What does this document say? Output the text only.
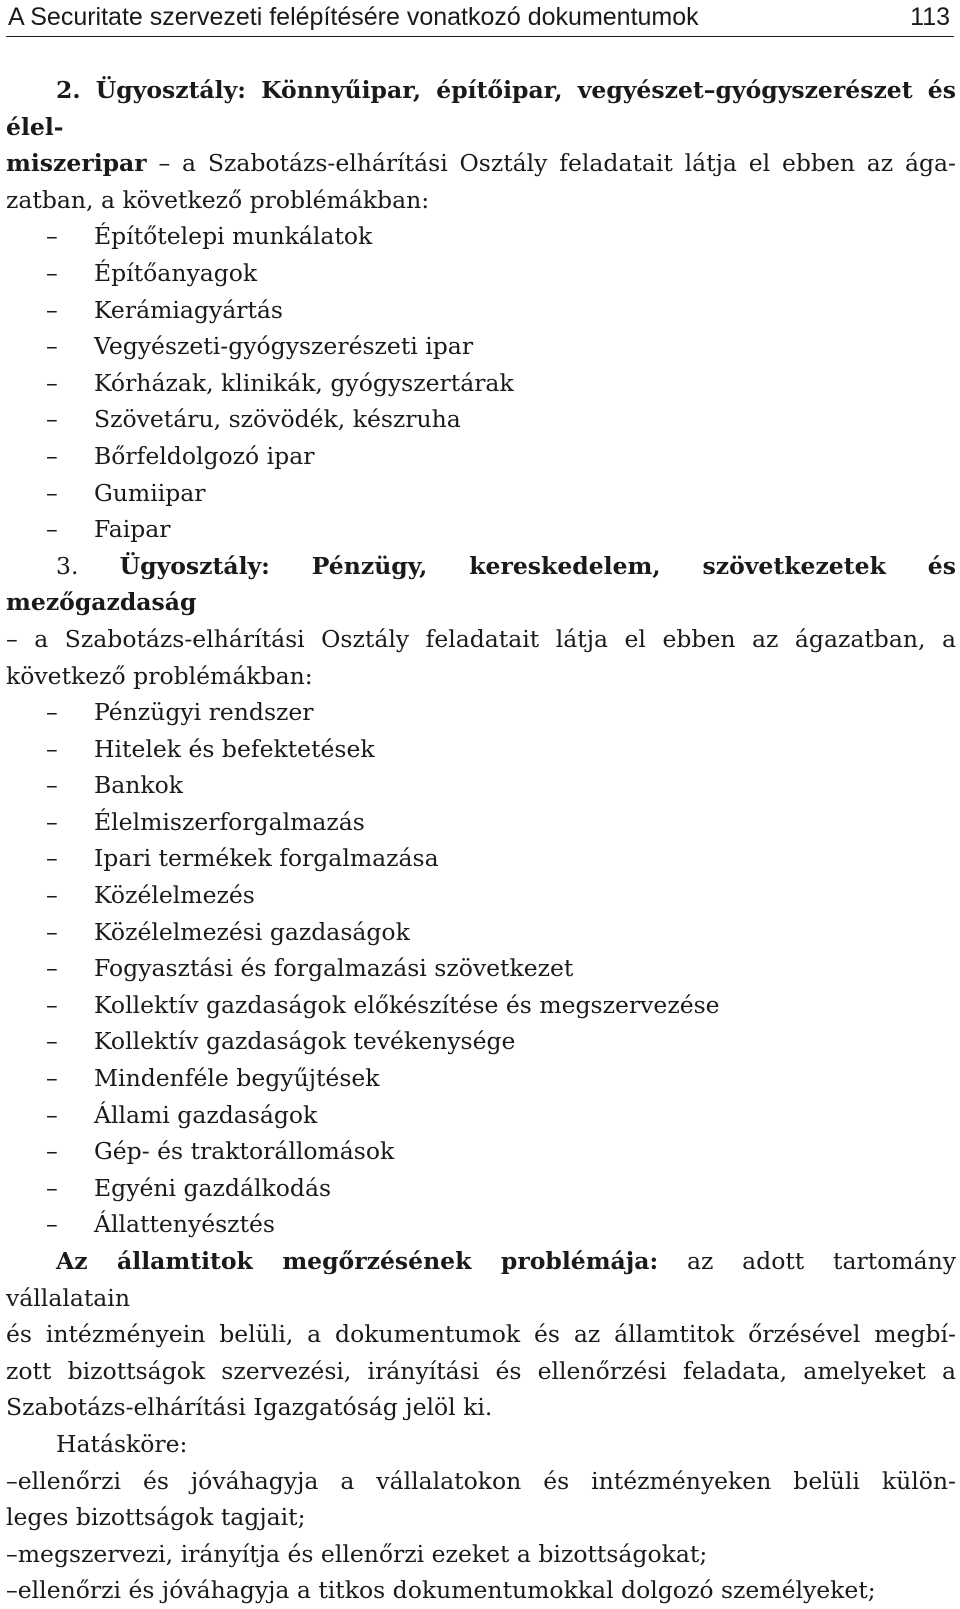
A Securitate szervezeti felépítésére vonatkozó dokumentumok	113

2. Ügyosztály: Könnyűipar, építőipar, vegyészet–gyógyszerészet és élel-

miszeripar – a Szabotázs-elhárítási Osztály feladatait látja el ebben az ága-

zatban, a következő problémákban:

– Építőtelepi munkálatok
– Építőanyagok
– Kerámiagyártás
– Vegyészeti-gyógyszerészeti ipar
– Kórházak, klinikák, gyógyszertárak
– Szövetáru, szövödék, készruha
– Bőrfeldolgozó ipar
– Gumiipar
– Faipar

3. Ügyosztály: Pénzügy, kereskedelem, szövetkezetek és mezőgazdaság

– a Szabotázs-elhárítási Osztály feladatait látja el ebben az ágazatban, a

következő problémákban:

– Pénzügyi rendszer
– Hitelek és befektetések
– Bankok
– Élelmiszerforgalmazás
– Ipari termékek forgalmazása
– Közélelmezés
– Közélelmezési gazdaságok
– Fogyasztási és forgalmazási szövetkezet
– Kollektív gazdaságok előkészítése és megszervezése
– Kollektív gazdaságok tevékenysége
– Mindenféle begyűjtések
– Állami gazdaságok
– Gép- és traktorállomások
– Egyéni gazdálkodás
– Állattenyésztés

Az államtitok megőrzésének problémája: az adott tartomány vállalatain

és intézményein belüli, a dokumentumok és az államtitok őrzésével megbí-

zott bizottságok szervezési, irányítási és ellenőrzési feladata, amelyeket a

Szabotázs-elhárítási Igazgatóság jelöl ki.

Hatásköre:

–ellenőrzi és jóváhagyja a vállalatokon és intézményeken belüli külön-

leges bizottságok tagjait;

–megszervezi, irányítja és ellenőrzi ezeket a bizottságokat;

–ellenőrzi és jóváhagyja a titkos dokumentumokkal dolgozó személyeket;
